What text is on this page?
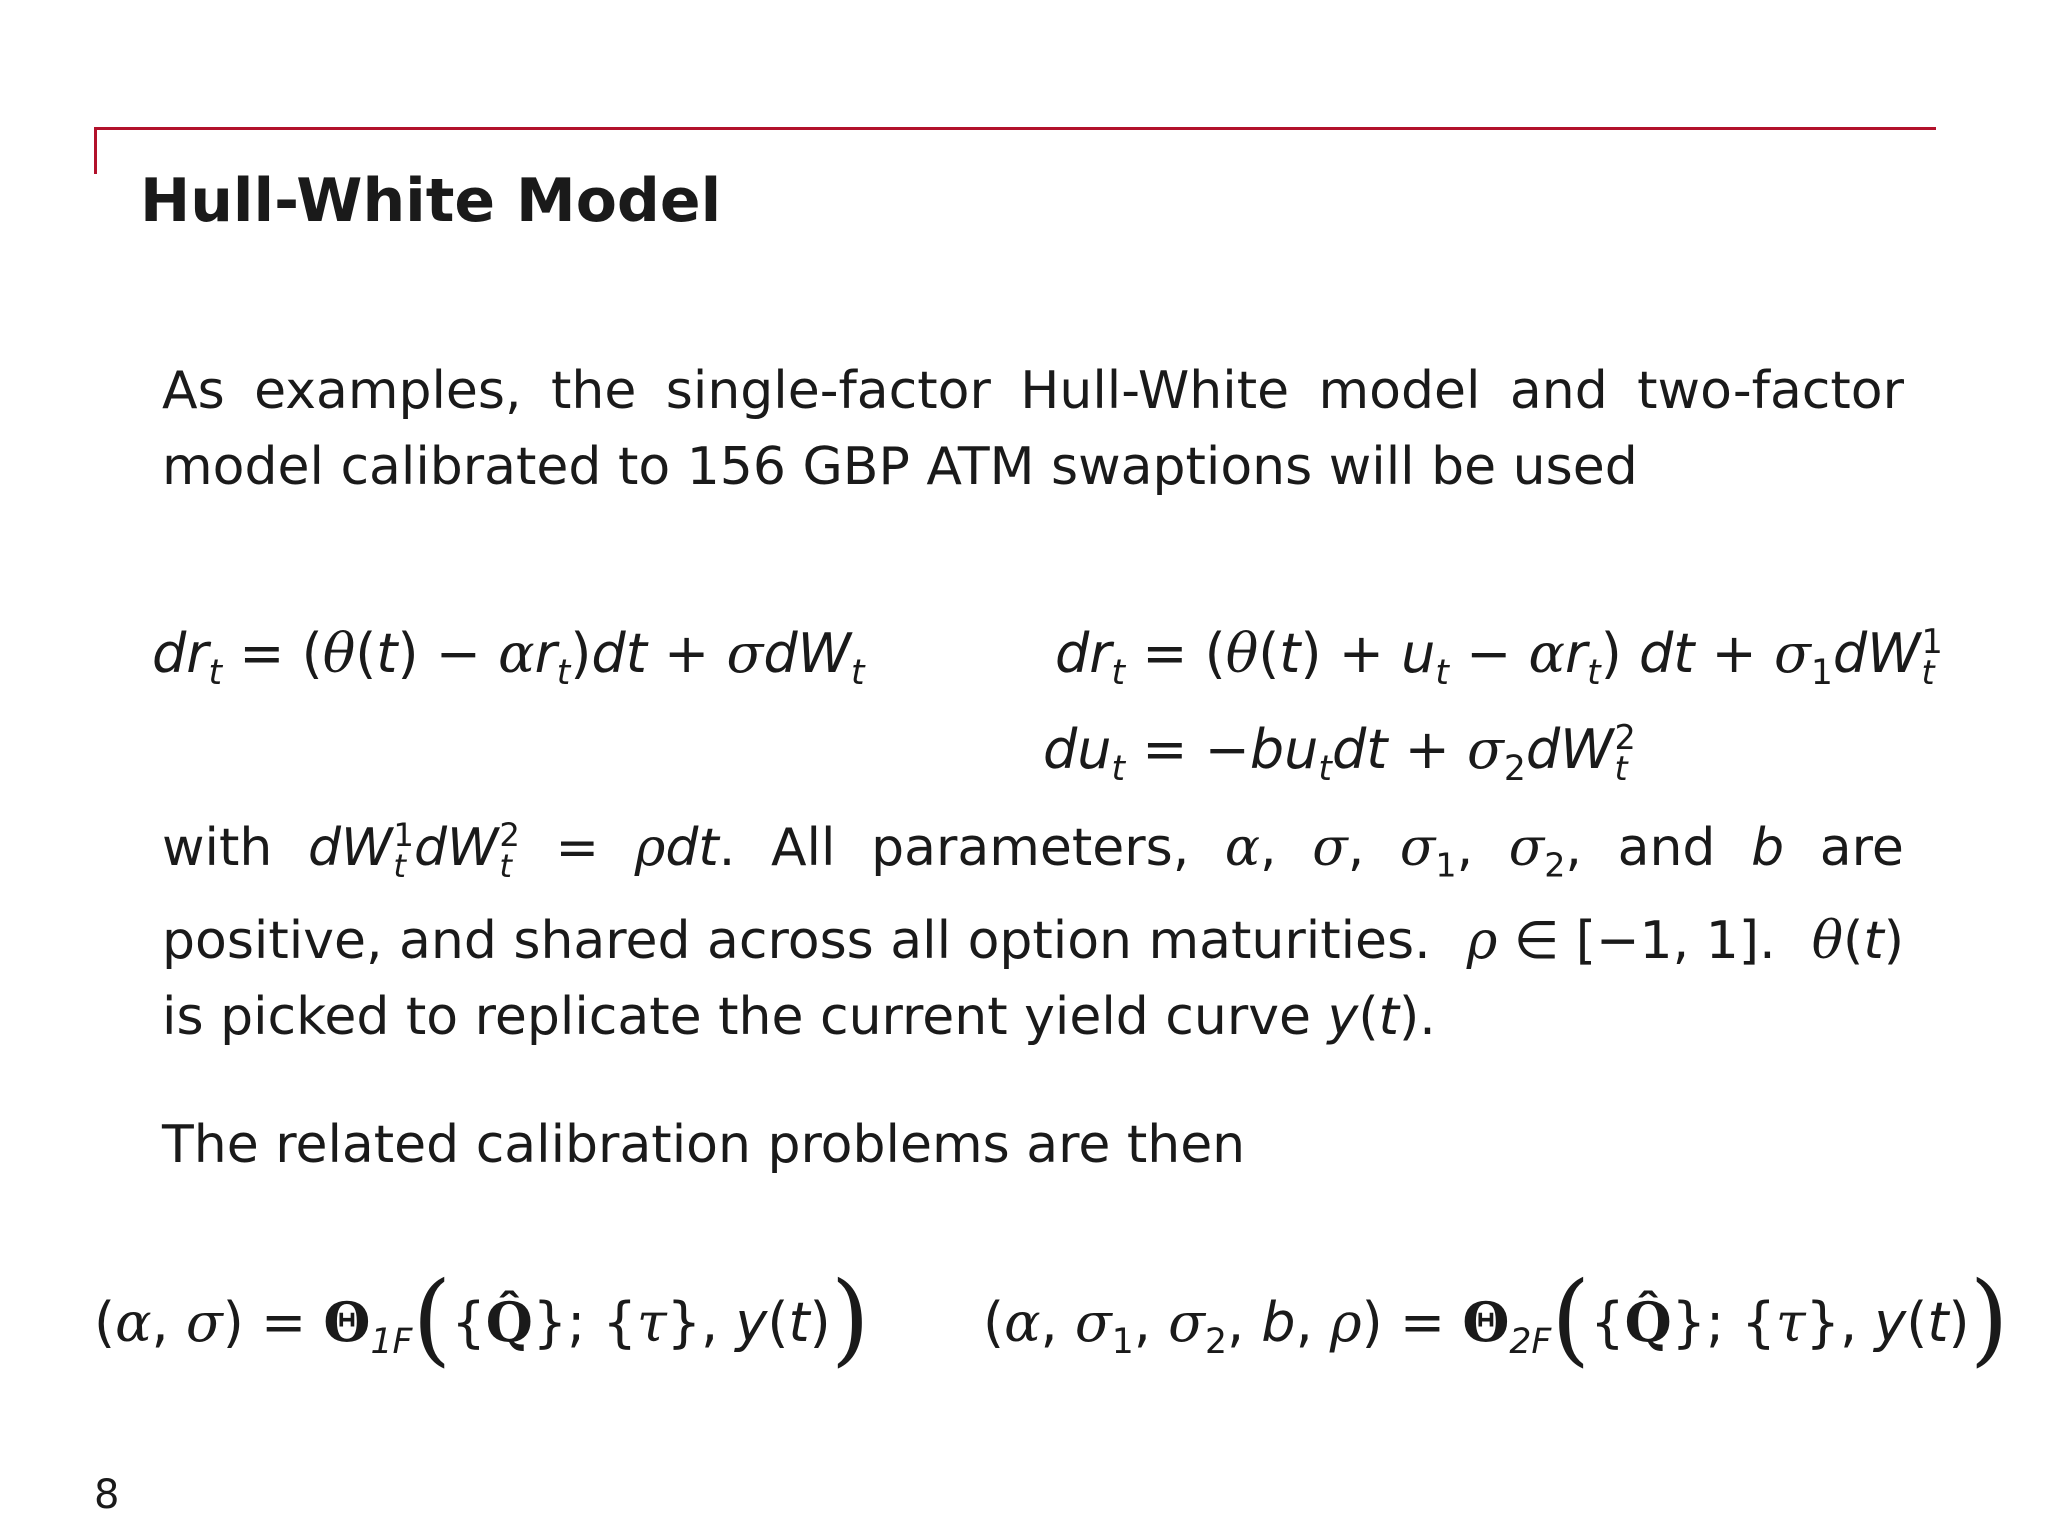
Hull-White Model
As examples, the single-factor Hull-White model and two-factor
model calibrated to 156 GBP ATM swaptions will be used
$dr_t = (\theta(t) - \alpha r_t)dt + \sigma dW_t$	$dr_t = (\theta(t) + u_t - \alpha r_t)$ dt + $\sigma_1dW$ 1
t
$du_t = -bu_tdt + \sigma_2dW$ 2
t
with dW 1
t dW 2
t = ρdt. All parameters, α, σ, $\sigma_1$, $\sigma_2$, and b are
positive, and shared across all option maturities. ρ ∈ [−1, 1]. θ(t)
is picked to replicate the current yield curve y(t).
The related calibration problems are then
(α, $\sigma) = \Theta_{1F}(\{Q̂\}$; {τ}, y(t)) (α, $\sigma_1$, $\sigma_2$, b, $\rho) = \Theta_{2F}(\{Q̂\}$; {τ}, y(t))
8
